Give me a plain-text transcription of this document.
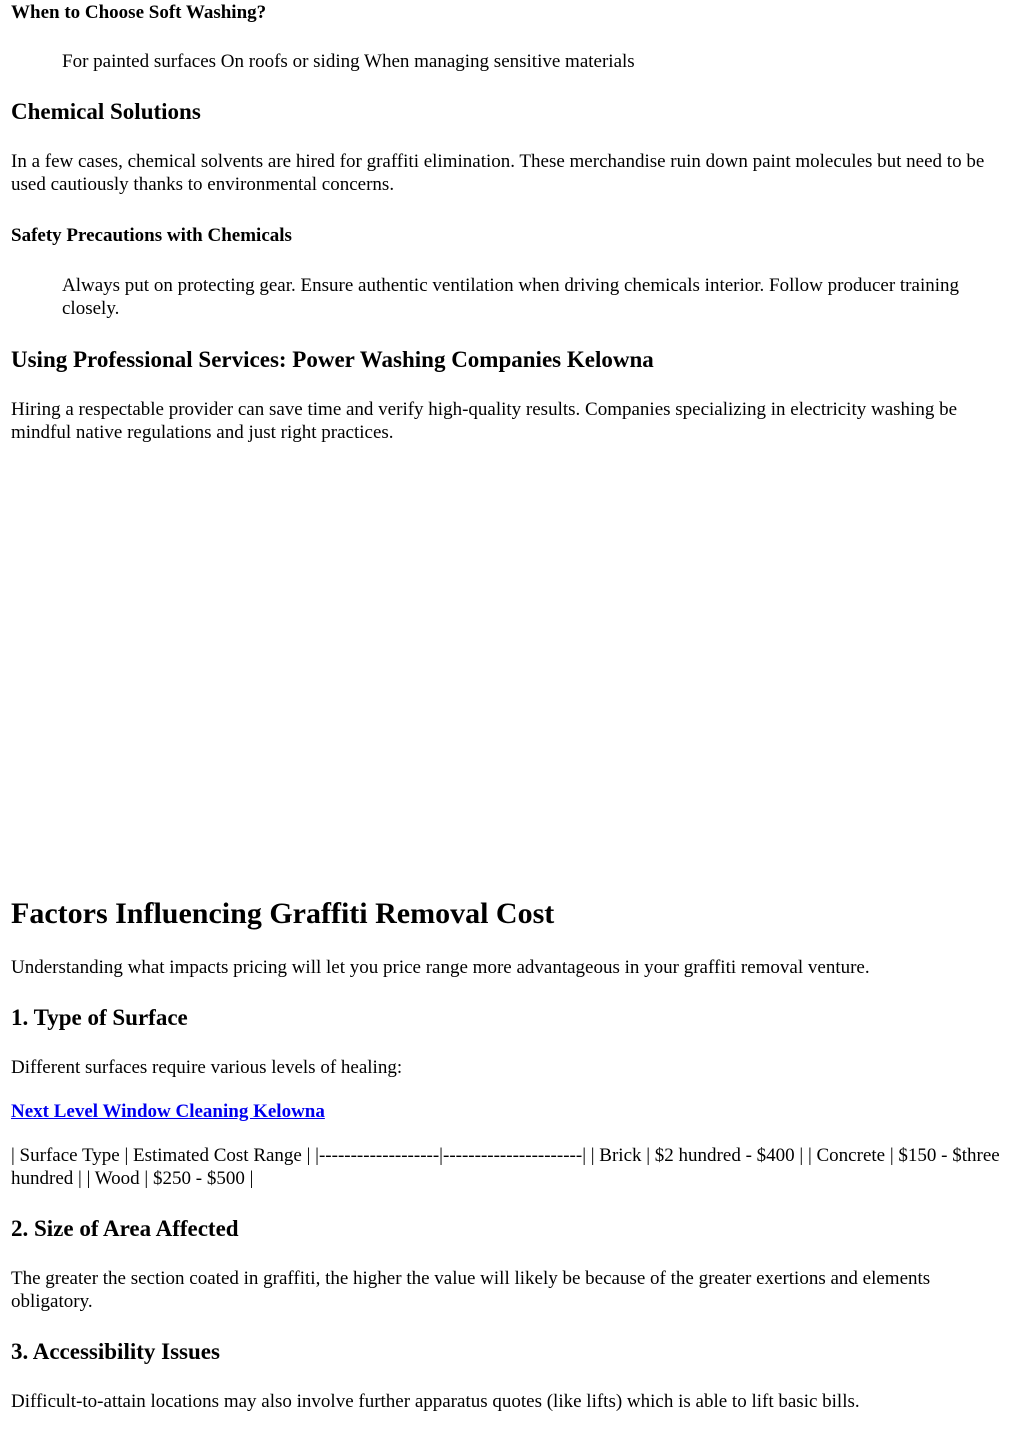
When to Choose Soft Washing?

For painted surfaces On roofs or siding When managing sensitive materials

Chemical Solutions

In a few cases, chemical solvents are hired for graffiti elimination. These merchandise ruin down paint molecules but need to be used cautiously thanks to environmental concerns.

Safety Precautions with Chemicals

Always put on protecting gear. Ensure authentic ventilation when driving chemicals interior. Follow producer training closely.

Using Professional Services: Power Washing Companies Kelowna

Hiring a respectable provider can save time and verify high-quality results. Companies specializing in electricity washing be mindful native regulations and just right practices.

Factors Influencing Graffiti Removal Cost

Understanding what impacts pricing will let you price range more advantageous in your graffiti removal venture.

1. Type of Surface

Different surfaces require various levels of healing:

Next Level Window Cleaning Kelowna

| Surface Type | Estimated Cost Range | |-------------------|----------------------| | Brick | $2 hundred - $400 | | Concrete | $150 - $three hundred | | Wood | $250 - $500 |

2. Size of Area Affected

The greater the section coated in graffiti, the higher the value will likely be because of the greater exertions and elements obligatory.

3. Accessibility Issues

Difficult-to-attain locations may also involve further apparatus quotes (like lifts) which is able to lift basic bills.
